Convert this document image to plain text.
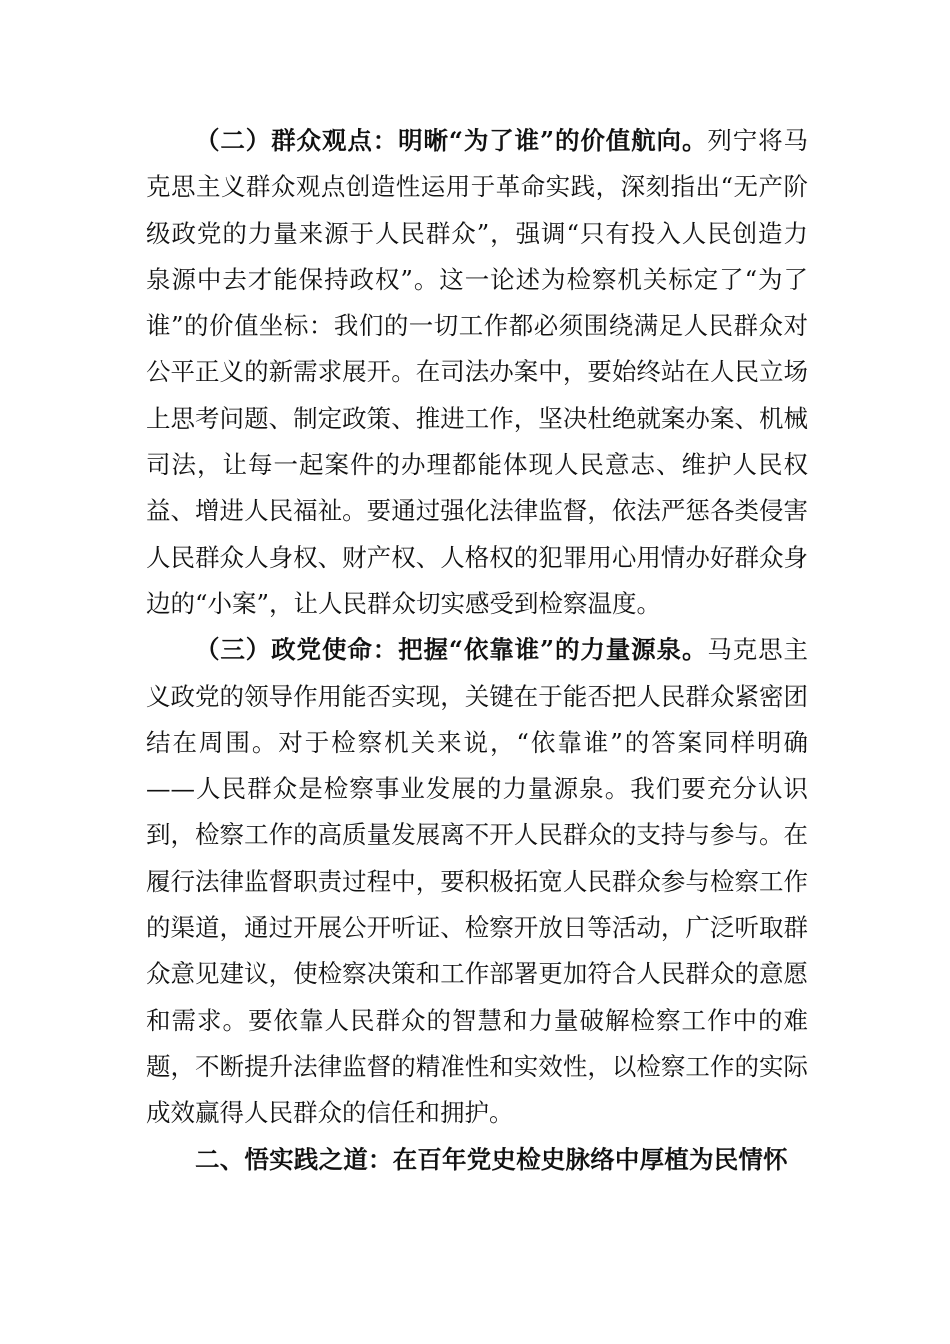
（二）群众观点：明晰“为了谁”的价值航向。列宁将马克思主义群众观点创造性运用于革命实践，深刻指出“无产阶级政党的力量来源于人民群众”，强调“只有投入人民创造力泉源中去才能保持政权”。这一论述为检察机关标定了“为了谁”的价值坐标：我们的一切工作都必须围绕满足人民群众对公平正义的新需求展开。在司法办案中，要始终站在人民立场上思考问题、制定政策、推进工作，坚决杜绝就案办案、机械司法，让每一起案件的办理都能体现人民意志、维护人民权益、增进人民福祉。要通过强化法律监督，依法严惩各类侵害人民群众人身权、财产权、人格权的犯罪用心用情办好群众身边的“小案”，让人民群众切实感受到检察温度。

（三）政党使命：把握“依靠谁”的力量源泉。马克思主义政党的领导作用能否实现，关键在于能否把人民群众紧密团结在周围。对于检察机关来说，“依靠谁”的答案同样明确——人民群众是检察事业发展的力量源泉。我们要充分认识到，检察工作的高质量发展离不开人民群众的支持与参与。在履行法律监督职责过程中，要积极拓宽人民群众参与检察工作的渠道，通过开展公开听证、检察开放日等活动，广泛听取群众意见建议，使检察决策和工作部署更加符合人民群众的意愿和需求。要依靠人民群众的智慧和力量破解检察工作中的难题，不断提升法律监督的精准性和实效性，以检察工作的实际成效赢得人民群众的信任和拥护。

二、悟实践之道：在百年党史检史脉络中厚植为民情怀
